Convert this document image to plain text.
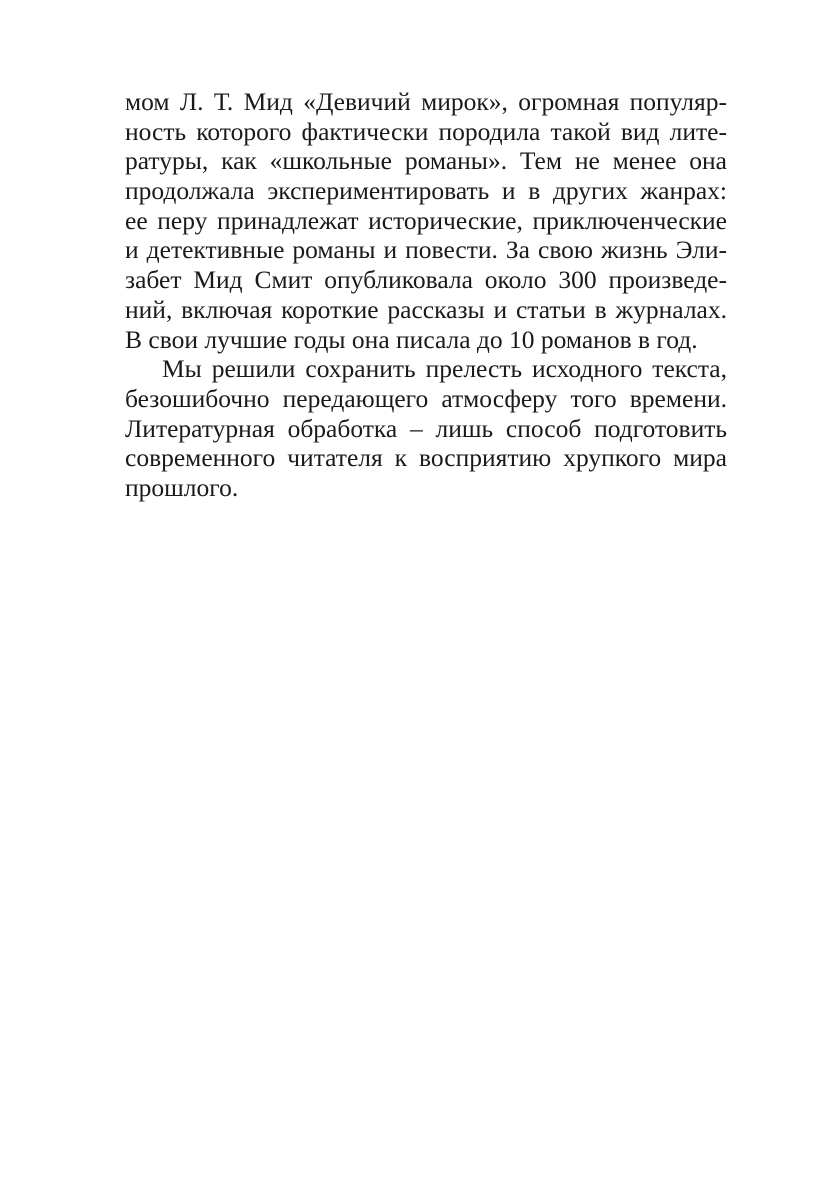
мом Л. Т. Мид «Девичий мирок», огромная популяр-
ность которого фактически породила такой вид лите-
ратуры, как «школьные романы». Тем не менее она
продолжала экспериментировать и в других жанрах:
ее перу принадлежат исторические, приключенческие
и детективные романы и повести. За свою жизнь Эли-
забет Мид Смит опубликовала около 300 произведе-
ний, включая короткие рассказы и статьи в журналах.
В свои лучшие годы она писала до 10 романов в год.
Мы решили сохранить прелесть исходного текста,
безошибочно передающего атмосферу того времени.
Литературная обработка – лишь способ подготовить
современного читателя к восприятию хрупкого мира
прошлого.
